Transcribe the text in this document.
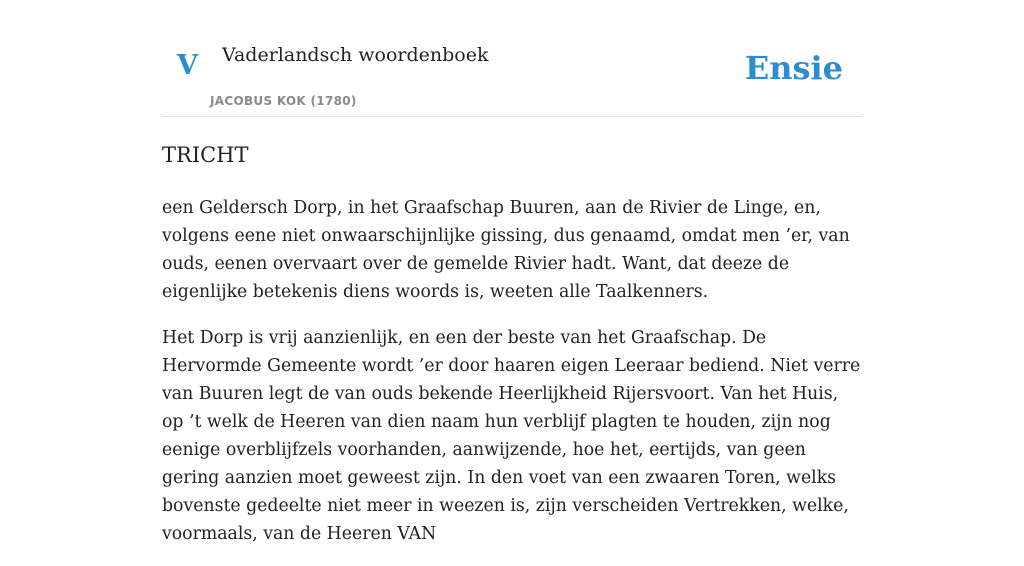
V Vaderlandsch woordenboek
JACOBUS KOK (1780)
Ensie
TRICHT

een Geldersch Dorp, in het Graafschap Buuren, aan de Rivier de Linge, en, volgens eene niet onwaarschijnlijke gissing, dus genaamd, omdat men ’er, van ouds, eenen overvaart over de gemelde Rivier hadt. Want, dat deeze de eigenlijke betekenis diens woords is, weeten alle Taalkenners.

Het Dorp is vrij aanzienlijk, en een der beste van het Graafschap. De Hervormde Gemeente wordt ’er door haaren eigen Leeraar bediend. Niet verre van Buuren legt de van ouds bekende Heerlijkheid Rijersvoort. Van het Huis, op ’t welk de Heeren van dien naam hun verblijf plagten te houden, zijn nog eenige overblijfzels voorhanden, aanwijzende, hoe het, eertijds, van geen gering aanzien moet geweest zijn. In den voet van een zwaaren Toren, welks bovenste gedeelte niet meer in weezen is, zijn verscheiden Vertrekken, welke, voormaals, van de Heeren VAN
